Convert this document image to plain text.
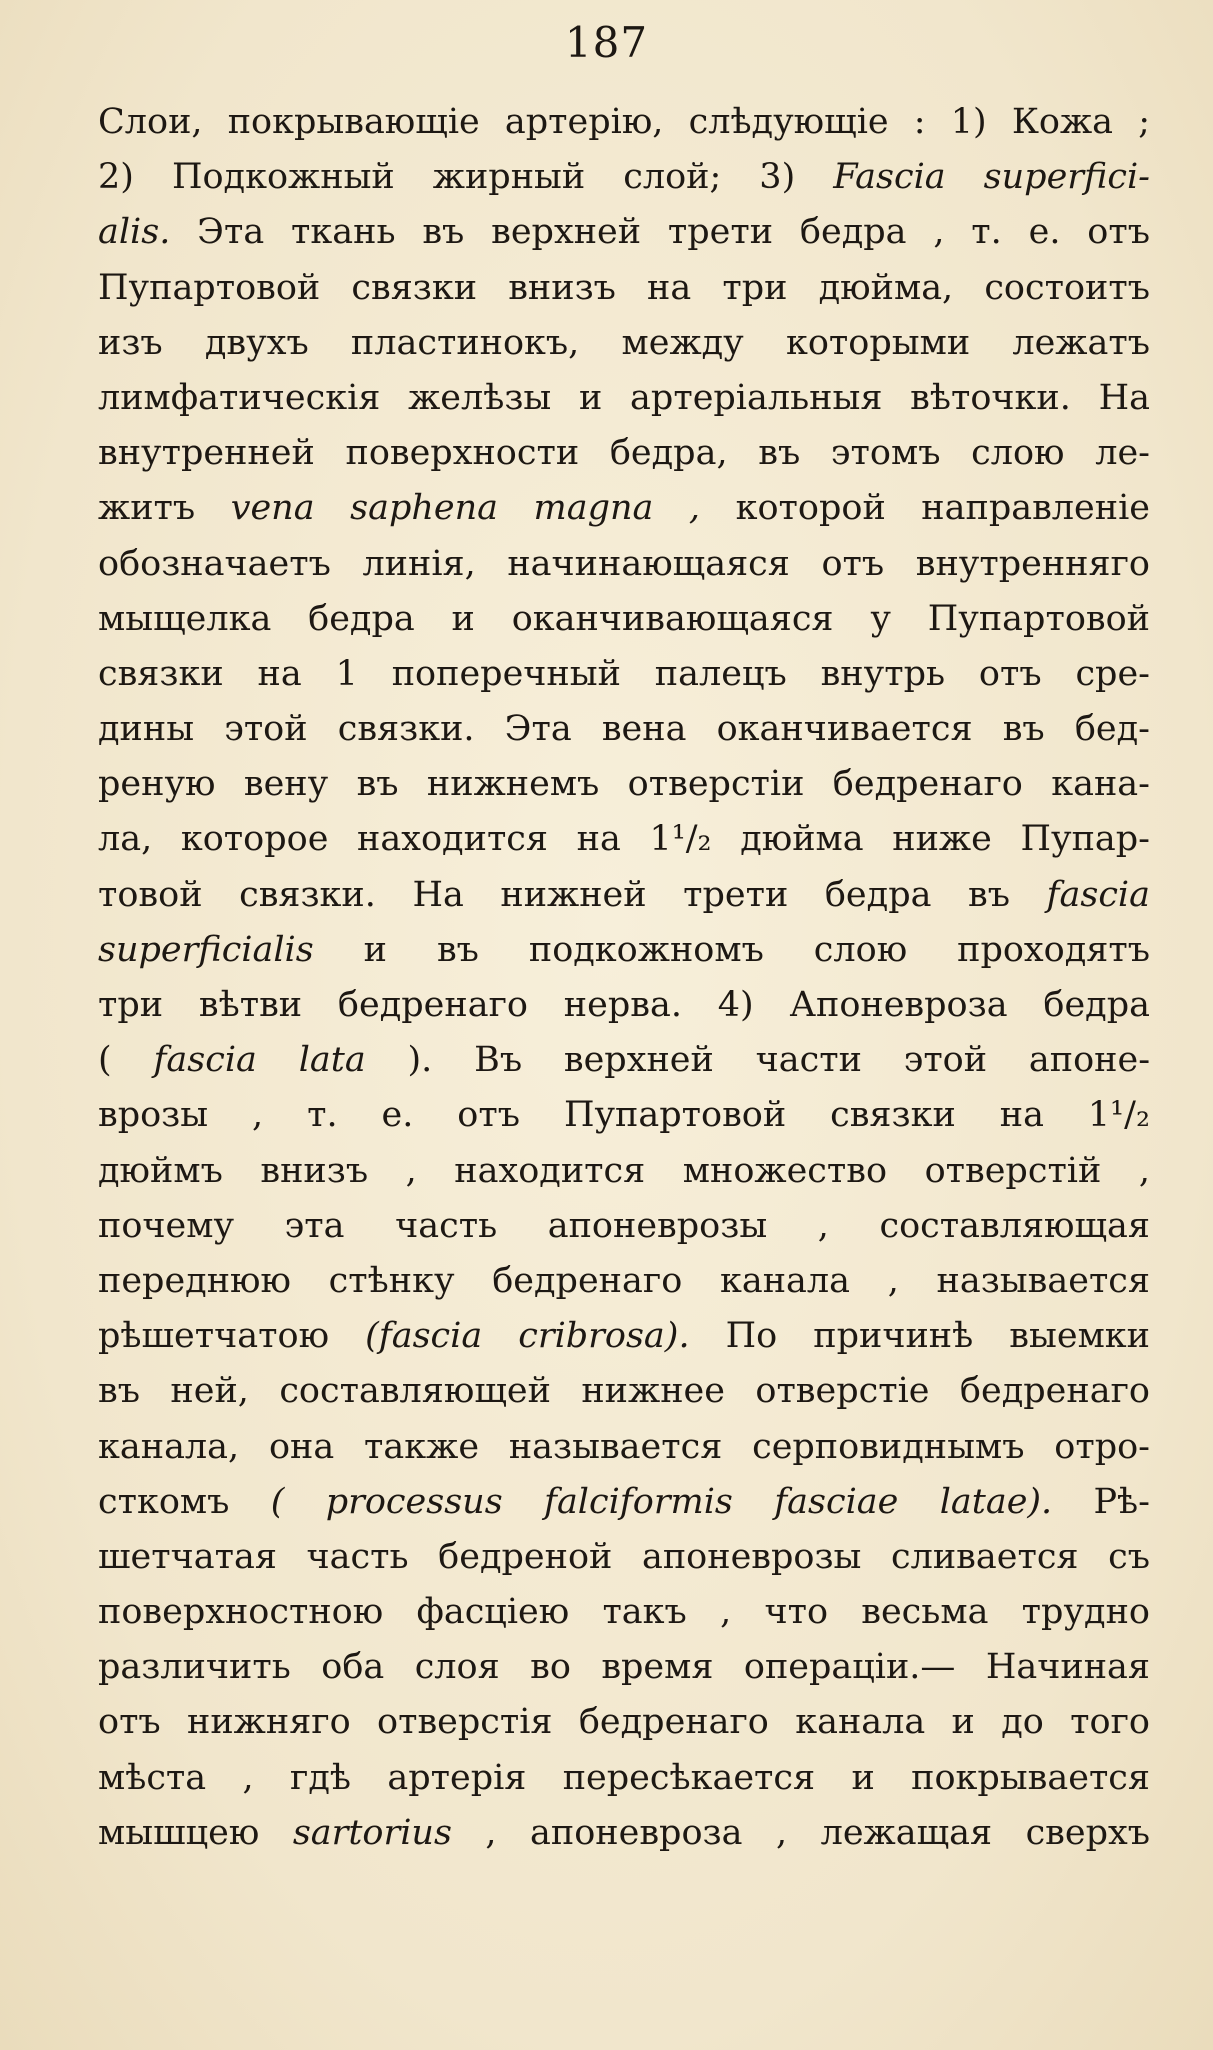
187
Слои, покрывающіе артерію, слѣдующіе : 1) Кожа ;
2) Подкожный жирный слой; 3) Fascia superfici-
alis. Эта ткань въ верхней трети бедра , т. е. отъ
Пупартовой связки внизъ на три дюйма, состоитъ
изъ двухъ пластинокъ, между которыми лежатъ
лимфатическія желѣзы и артеріальныя вѣточки. На
внутренней поверхности бедра, въ этомъ слою ле-
житъ vena saphena magna , которой направленіе
обозначаетъ линія, начинающаяся отъ внутренняго
мыщелка бедра и оканчивающаяся у Пупартовой
связки на 1 поперечный палецъ внутрь отъ сре-
дины этой связки. Эта вена оканчивается въ бед-
реную вену въ нижнемъ отверстіи бедренаго кана-
ла, которое находится на 1¹/₂ дюйма ниже Пупар-
товой связки. На нижней трети бедра въ fascia
superficialis и въ подкожномъ слою проходятъ
три вѣтви бедренаго нерва. 4) Апоневроза бедра
( fascia lata ). Въ верхней части этой апоне-
врозы , т. е. отъ Пупартовой связки на 1¹/₂
дюймъ внизъ , находится множество отверстій ,
почему эта часть апоневрозы , составляющая
переднюю стѣнку бедренаго канала , называется
рѣшетчатою (fascia cribrosa). По причинѣ выемки
въ ней, составляющей нижнее отверстіе бедренаго
канала, она также называется серповиднымъ отро-
сткомъ ( processus falciformis fasciae latae). Рѣ-
шетчатая часть бедреной апоневрозы сливается съ
поверхностною фасціею такъ , что весьма трудно
различить оба слоя во время операціи.— Начиная
отъ нижняго отверстія бедренаго канала и до того
мѣста , гдѣ артерія пересѣкается и покрывается
мышцею sartorius , апоневроза , лежащая сверхъ
